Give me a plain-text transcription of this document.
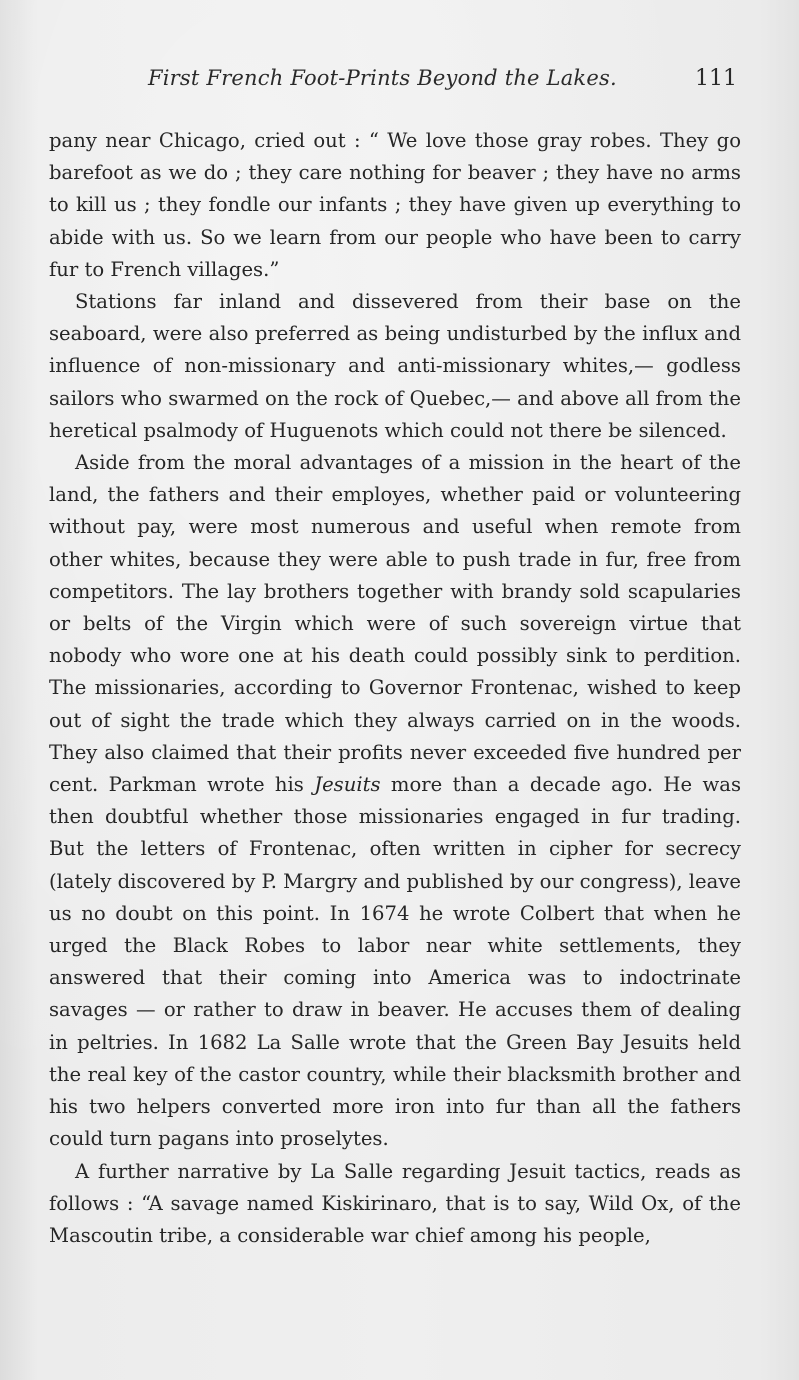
First French Foot-Prints Beyond the Lakes.	111

pany near Chicago, cried out : “ We love those gray robes. They go barefoot as we do ; they care nothing for beaver ; they have no arms to kill us ; they fondle our infants ; they have given up everything to abide with us. So we learn from our people who have been to carry fur to French villages.”

Stations far inland and dissevered from their base on the seaboard, were also preferred as being undisturbed by the influx and influence of non-missionary and anti-missionary whites,— godless sailors who swarmed on the rock of Quebec,— and above all from the heretical psalmody of Huguenots which could not there be silenced.

Aside from the moral advantages of a mission in the heart of the land, the fathers and their employes, whether paid or volunteering without pay, were most numerous and useful when remote from other whites, because they were able to push trade in fur, free from competitors. The lay brothers together with brandy sold scapularies or belts of the Virgin which were of such sovereign virtue that nobody who wore one at his death could possibly sink to perdition. The missionaries, according to Governor Frontenac, wished to keep out of sight the trade which they always carried on in the woods. They also claimed that their profits never exceeded five hundred per cent. Parkman wrote his Jesuits more than a decade ago. He was then doubtful whether those missionaries engaged in fur trading. But the letters of Frontenac, often written in cipher for secrecy (lately discovered by P. Margry and published by our congress), leave us no doubt on this point. In 1674 he wrote Colbert that when he urged the Black Robes to labor near white settlements, they answered that their coming into America was to indoctrinate savages — or rather to draw in beaver. He accuses them of dealing in peltries. In 1682 La Salle wrote that the Green Bay Jesuits held the real key of the castor country, while their blacksmith brother and his two helpers converted more iron into fur than all the fathers could turn pagans into proselytes.

A further narrative by La Salle regarding Jesuit tactics, reads as follows : “A savage named Kiskirinaro, that is to say, Wild Ox, of the Mascoutin tribe, a considerable war chief among his people,
